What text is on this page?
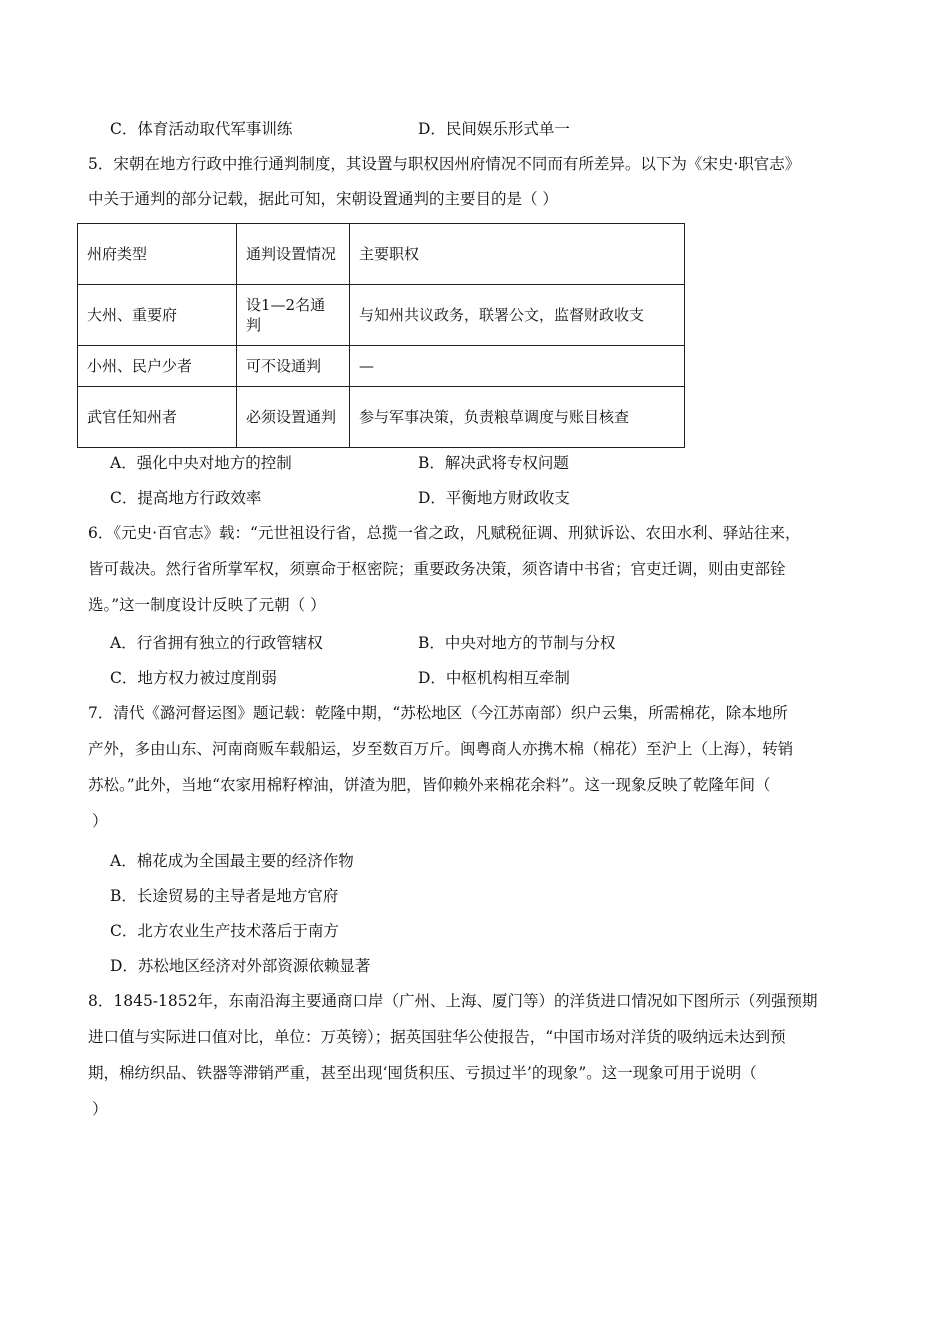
C．体育活动取代军事训练	D．民间娱乐形式单一
5．宋朝在地方行政中推行通判制度，其设置与职权因州府情况不同而有所差异。以下为《宋史·职官志》
中关于通判的部分记载，据此可知，宋朝设置通判的主要目的是（ ）
州府类型	通判设置情况	主要职权
大州、重要府	设1—2名通判	与知州共议政务，联署公文，监督财政收支
小州、民户少者	可不设通判	—
武官任知州者	必须设置通判	参与军事决策，负责粮草调度与账目核查
A．强化中央对地方的控制	B．解决武将专权问题
C．提高地方行政效率	D．平衡地方财政收支
6．《元史·百官志》载：“元世祖设行省，总揽一省之政，凡赋税征调、刑狱诉讼、农田水利、驿站往来，
皆可裁决。然行省所掌军权，须禀命于枢密院；重要政务决策，须咨请中书省；官吏迁调，则由吏部铨
选。”这一制度设计反映了元朝（ ）
A．行省拥有独立的行政管辖权	B．中央对地方的节制与分权
C．地方权力被过度削弱	D．中枢机构相互牵制
7．清代《潞河督运图》题记载：乾隆中期，“苏松地区（今江苏南部）织户云集，所需棉花，除本地所
产外，多由山东、河南商贩车载船运，岁至数百万斤。闽粤商人亦携木棉（棉花）至沪上（上海），转销
苏松。”此外，当地“农家用棉籽榨油，饼渣为肥，皆仰赖外来棉花余料”。这一现象反映了乾隆年间（
）
A．棉花成为全国最主要的经济作物
B．长途贸易的主导者是地方官府
C．北方农业生产技术落后于南方
D．苏松地区经济对外部资源依赖显著
8．1845-1852年，东南沿海主要通商口岸（广州、上海、厦门等）的洋货进口情况如下图所示（列强预期
进口值与实际进口值对比，单位：万英镑）；据英国驻华公使报告，“中国市场对洋货的吸纳远未达到预
期，棉纺织品、铁器等滞销严重，甚至出现‘囤货积压、亏损过半’的现象”。这一现象可用于说明（
）
